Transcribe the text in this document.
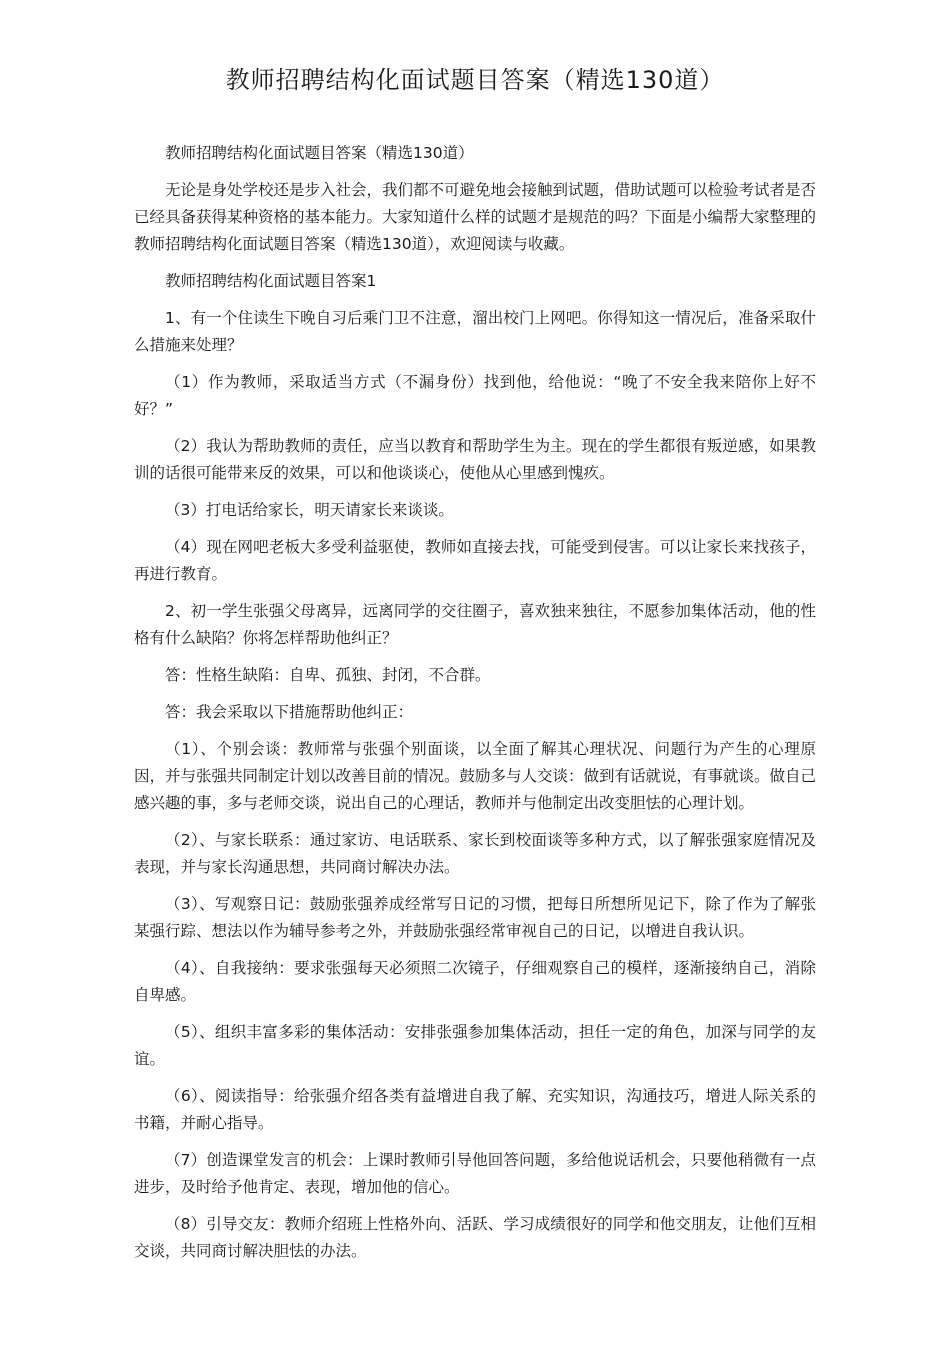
教师招聘结构化面试题目答案（精选130道）

教师招聘结构化面试题目答案（精选130道）

无论是身处学校还是步入社会，我们都不可避免地会接触到试题，借助试题可以检验考试者是否已经具备获得某种资格的基本能力。大家知道什么样的试题才是规范的吗？下面是小编帮大家整理的教师招聘结构化面试题目答案（精选130道），欢迎阅读与收藏。

教师招聘结构化面试题目答案1

1、有一个住读生下晚自习后乘门卫不注意，溜出校门上网吧。你得知这一情况后，准备采取什么措施来处理？

（1）作为教师，采取适当方式（不漏身份）找到他，给他说：“晚了不安全我来陪你上好不好？”

（2）我认为帮助教师的责任，应当以教育和帮助学生为主。现在的学生都很有叛逆感，如果教训的话很可能带来反的效果，可以和他谈谈心，使他从心里感到愧疚。

（3）打电话给家长，明天请家长来谈谈。

（4）现在网吧老板大多受利益驱使，教师如直接去找，可能受到侵害。可以让家长来找孩子，再进行教育。

2、初一学生张强父母离异，远离同学的交往圈子，喜欢独来独往，不愿参加集体活动，他的性格有什么缺陷？你将怎样帮助他纠正？

答：性格生缺陷：自卑、孤独、封闭，不合群。

答：我会采取以下措施帮助他纠正：

（1）、个别会谈：教师常与张强个别面谈，以全面了解其心理状况、问题行为产生的心理原因，并与张强共同制定计划以改善目前的情况。鼓励多与人交谈：做到有话就说，有事就谈。做自己感兴趣的事，多与老师交谈，说出自己的心理话，教师并与他制定出改变胆怯的心理计划。

（2）、与家长联系：通过家访、电话联系、家长到校面谈等多种方式，以了解张强家庭情况及表现，并与家长沟通思想，共同商讨解决办法。

（3）、写观察日记：鼓励张强养成经常写日记的习惯，把每日所想所见记下，除了作为了解张某强行踪、想法以作为辅导参考之外，并鼓励张强经常审视自己的日记，以增进自我认识。

（4）、自我接纳：要求张强每天必须照二次镜子，仔细观察自己的模样，逐渐接纳自己，消除自卑感。

（5）、组织丰富多彩的集体活动：安排张强参加集体活动，担任一定的角色，加深与同学的友谊。

（6）、阅读指导：给张强介绍各类有益增进自我了解、充实知识，沟通技巧，增进人际关系的书籍，并耐心指导。

（7）创造课堂发言的机会：上课时教师引导他回答问题，多给他说话机会，只要他稍微有一点进步，及时给予他肯定、表现，增加他的信心。

（8）引导交友：教师介绍班上性格外向、活跃、学习成绩很好的同学和他交朋友，让他们互相交谈，共同商讨解决胆怯的办法。
